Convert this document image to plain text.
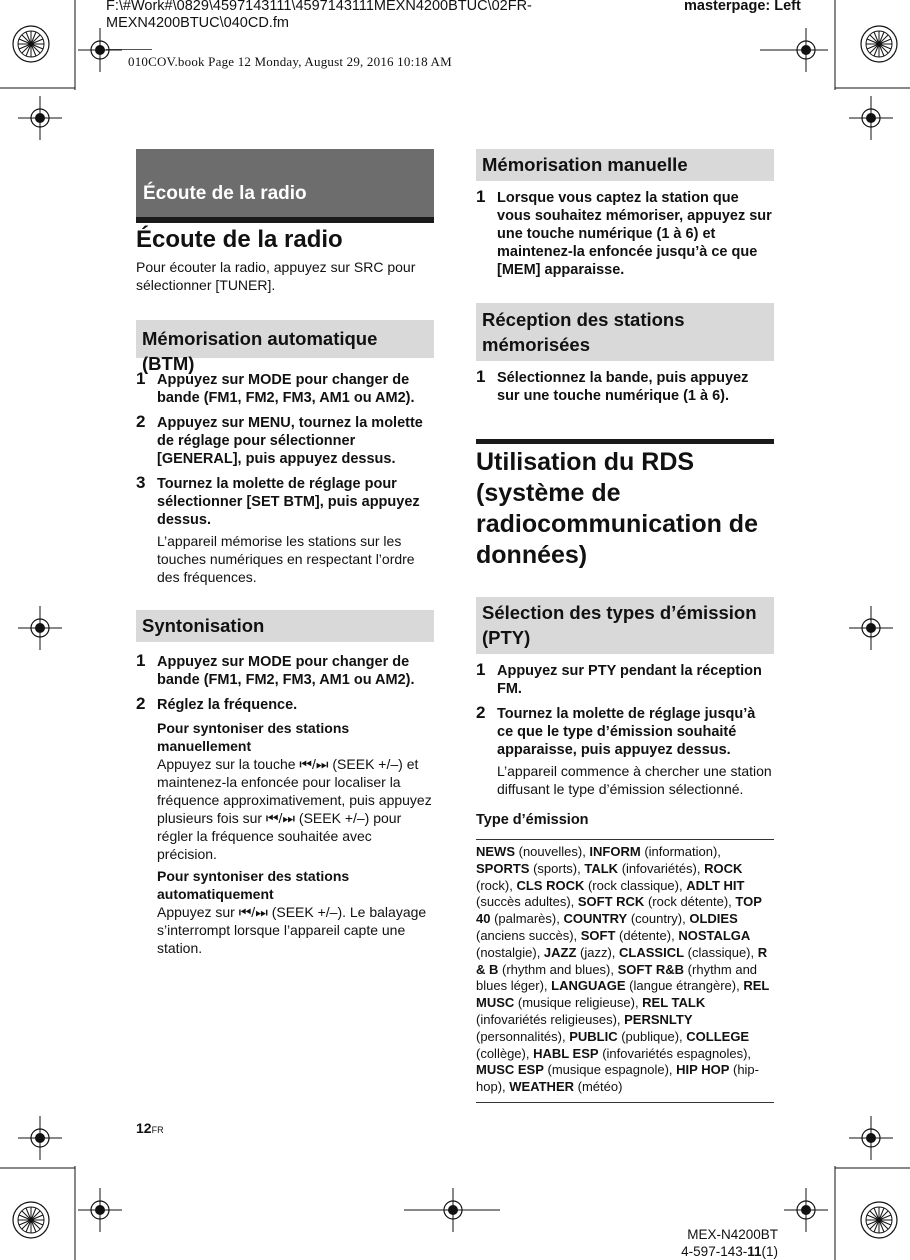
F:\#Work#\0829\4597143111\4597143111MEXN4200BTUC\02FR-MEXN4200BTUC\040CD.fm
masterpage: Left
010COV.book Page 12 Monday, August 29, 2016 10:18 AM
Écoute de la radio
Écoute de la radio
Pour écouter la radio, appuyez sur SRC pour sélectionner [TUNER].
Mémorisation automatique (BTM)
1 Appuyez sur MODE pour changer de bande (FM1, FM2, FM3, AM1 ou AM2).
2 Appuyez sur MENU, tournez la molette de réglage pour sélectionner [GENERAL], puis appuyez dessus.
3 Tournez la molette de réglage pour sélectionner [SET BTM], puis appuyez dessus.
L’appareil mémorise les stations sur les touches numériques en respectant l’ordre des fréquences.
Syntonisation
1 Appuyez sur MODE pour changer de bande (FM1, FM2, FM3, AM1 ou AM2).
2 Réglez la fréquence.
Pour syntoniser des stations manuellement
Appuyez sur la touche ⏮/⏭ (SEEK +/–) et maintenez-la enfoncée pour localiser la fréquence approximativement, puis appuyez plusieurs fois sur ⏮/⏭ (SEEK +/–) pour régler la fréquence souhaitée avec précision.
Pour syntoniser des stations automatiquement
Appuyez sur ⏮/⏭ (SEEK +/–). Le balayage s’interrompt lorsque l’appareil capte une station.
Mémorisation manuelle
1 Lorsque vous captez la station que vous souhaitez mémoriser, appuyez sur une touche numérique (1 à 6) et maintenez-la enfoncée jusqu’à ce que [MEM] apparaisse.
Réception des stations mémorisées
1 Sélectionnez la bande, puis appuyez sur une touche numérique (1 à 6).
Utilisation du RDS (système de radiocommunication de données)
Sélection des types d’émission (PTY)
1 Appuyez sur PTY pendant la réception FM.
2 Tournez la molette de réglage jusqu’à ce que le type d’émission souhaité apparaisse, puis appuyez dessus.
L’appareil commence à chercher une station diffusant le type d’émission sélectionné.
Type d’émission
NEWS (nouvelles), INFORM (information), SPORTS (sports), TALK (infovariétés), ROCK (rock), CLS ROCK (rock classique), ADLT HIT (succès adultes), SOFT RCK (rock détente), TOP 40 (palmarès), COUNTRY (country), OLDIES (anciens succès), SOFT (détente), NOSTALGA (nostalgie), JAZZ (jazz), CLASSICL (classique), R & B (rhythm and blues), SOFT R&B (rhythm and blues léger), LANGUAGE (langue étrangère), REL MUSC (musique religieuse), REL TALK (infovariétés religieuses), PERSNLTY (personnalités), PUBLIC (publique), COLLEGE (collège), HABL ESP (infovariétés espagnoles), MUSC ESP (musique espagnole), HIP HOP (hip-hop), WEATHER (météo)
12FR
MEX-N4200BT
4-597-143-11(1)
